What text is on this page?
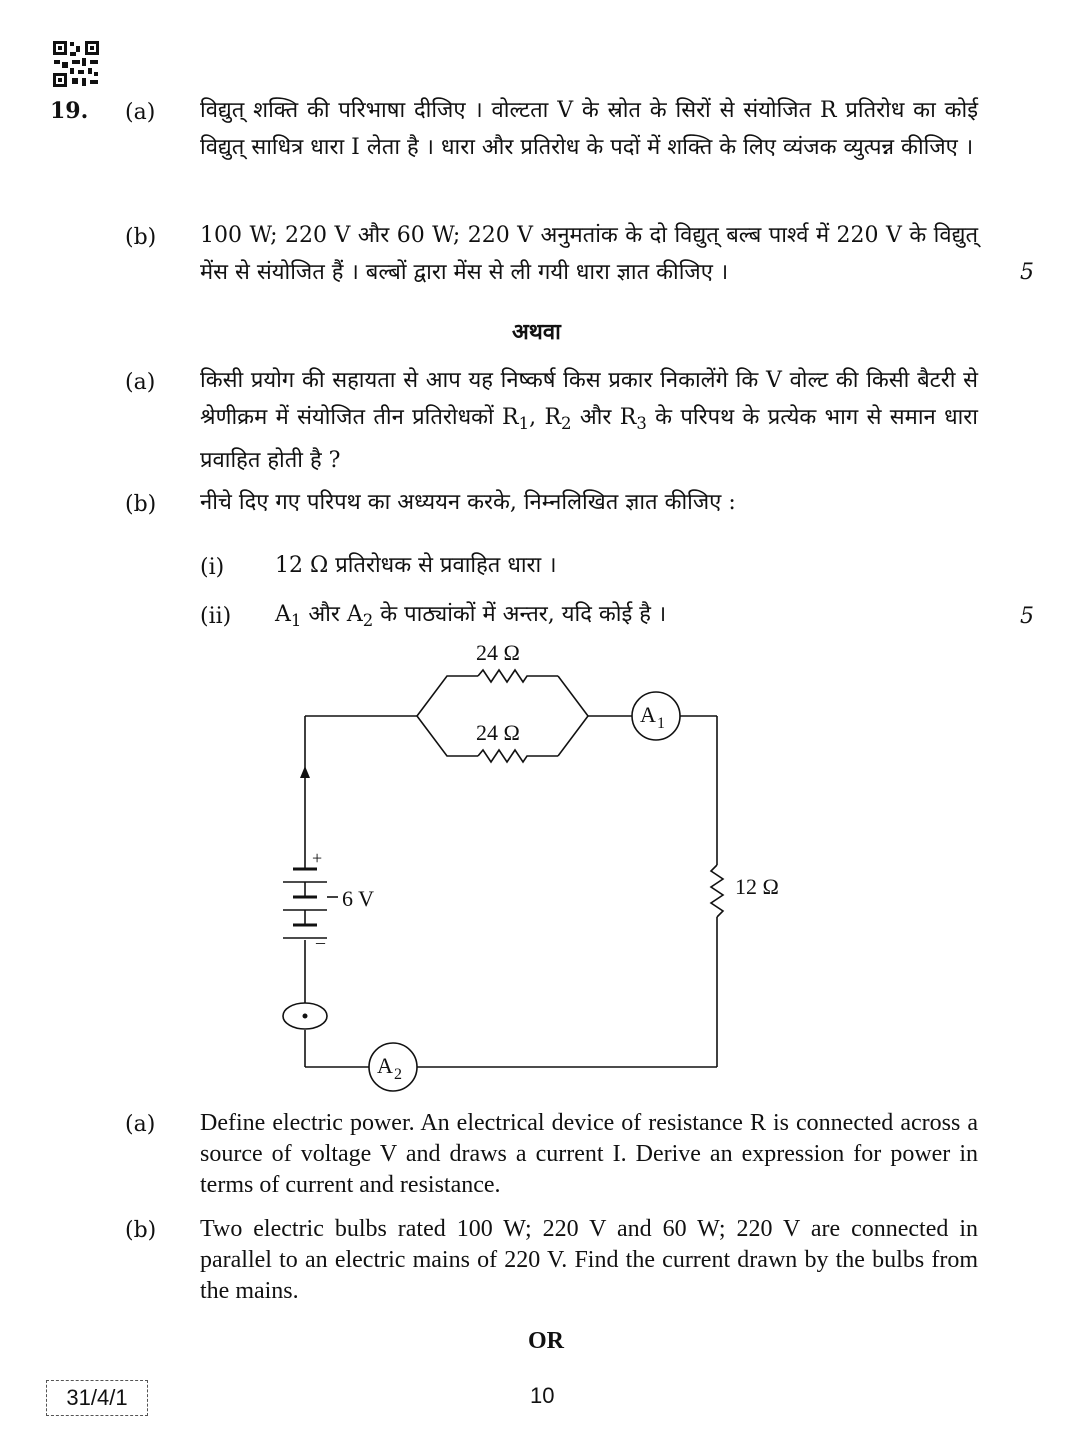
19. (a) विद्युत् शक्ति की परिभाषा दीजिए । वोल्टता V के स्रोत के सिरों से संयोजित R प्रतिरोध का कोई विद्युत् साधित्र धारा I लेता है । धारा और प्रतिरोध के पदों में शक्ति के लिए व्यंजक व्युत्पन्न कीजिए ।
(b) 100 W; 220 V और 60 W; 220 V अनुमतांक के दो विद्युत् बल्ब पार्श्व में 220 V के विद्युत् मेंस से संयोजित हैं । बल्बों द्वारा मेंस से ली गयी धारा ज्ञात कीजिए ।	5
अथवा
(a) किसी प्रयोग की सहायता से आप यह निष्कर्ष किस प्रकार निकालेंगे कि V वोल्ट की किसी बैटरी से श्रेणीक्रम में संयोजित तीन प्रतिरोधकों $R_1$, $R_2$ और $R_3$ के परिपथ के प्रत्येक भाग से समान धारा प्रवाहित होती है ?
(b) नीचे दिए गए परिपथ का अध्ययन करके, निम्नलिखित ज्ञात कीजिए :
(i) 12 Ω प्रतिरोधक से प्रवाहित धारा ।
(ii) $A_1$ और $A_2$ के पाठ्यांकों में अन्तर, यदि कोई है ।	5
24 Ω
24 Ω
12 Ω
6 V
+
–
A 1
A 2
(a) Define electric power. An electrical device of resistance R is connected across a source of voltage V and draws a current I. Derive an expression for power in terms of current and resistance.
(b) Two electric bulbs rated 100 W; 220 V and 60 W; 220 V are connected in parallel to an electric mains of 220 V. Find the current drawn by the bulbs from the mains.
OR
31/4/1	10
